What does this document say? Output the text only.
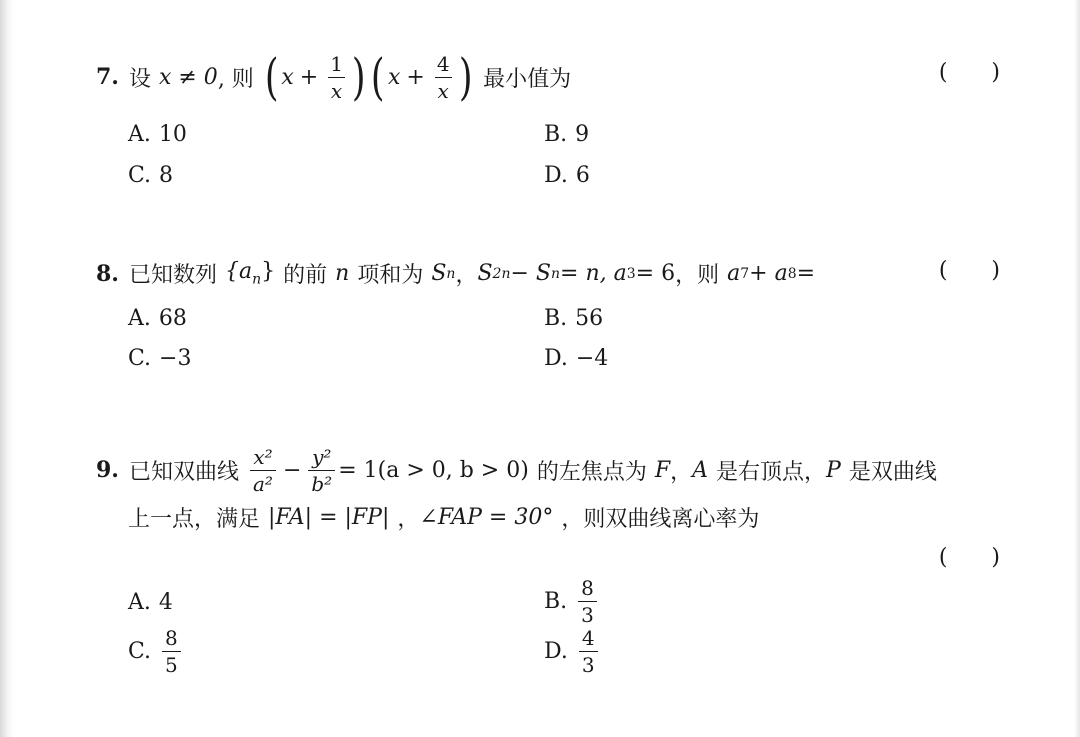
7. 设 x ≠ 0 , 则 ( $x + \frac{1}{x}$ ) ( $x + \frac{4}{x}$ ) 最小值为	( )
A. 10	B. 9
C. 8	D. 6
8. 已知数列 $\{a_n\}$ 的前 n 项和为 S n ， S 2n − S n = n, a 3 = 6 ，则 a 7 + a 8 =	( )
A. 68	B. 56
C. −3	D. −4
9. 已知双曲线 $\frac{\text{x²}}{\text{a²}} - \frac{\text{y²}}{\text{b²}} = 1(a > 0$, b > 0) 的左焦点为 F ， A 是右顶点， P 是双曲线
上一点，满足 |FA| = |FP| ， ∠FAP = 30° ，则双曲线离心率为
( )
A. 4	B. $\frac{8}{3}$
C. $\frac{8}{5}$	D. $\frac{4}{3}$
